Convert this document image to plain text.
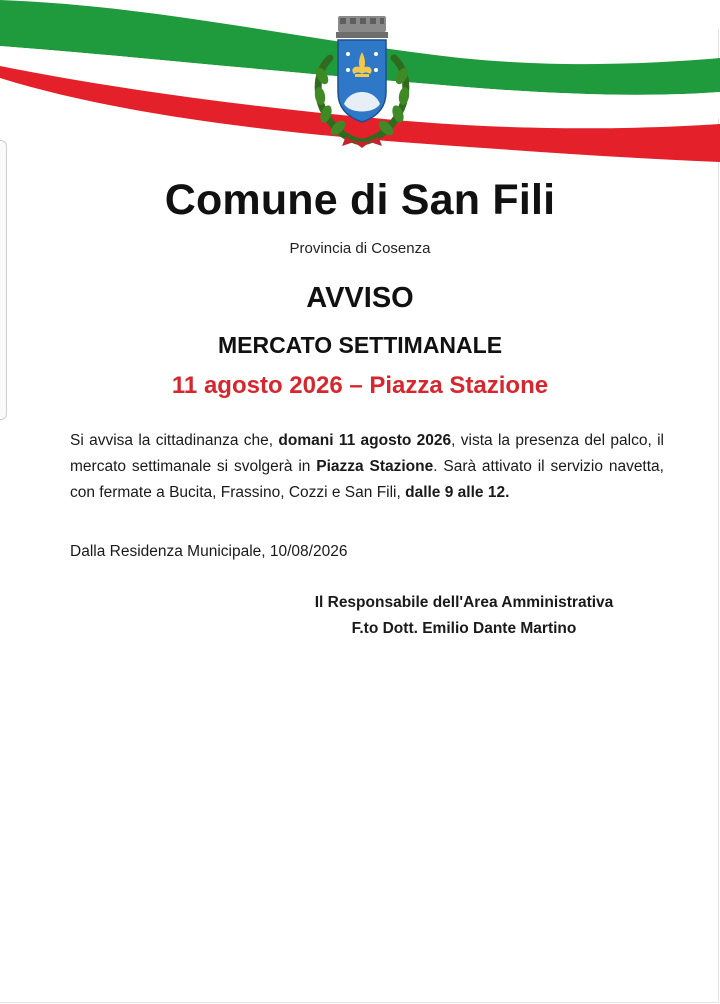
Comune di San Fili
Provincia di Cosenza
AVVISO
MERCATO SETTIMANALE
11 agosto 2026 – Piazza Stazione
Si avvisa la cittadinanza che, domani 11 agosto 2026, vista la presenza del palco, il mercato settimanale si svolgerà in Piazza Stazione. Sarà attivato il servizio navetta, con fermate a Bucita, Frassino, Cozzi e San Fili, dalle 9 alle 12.
Dalla Residenza Municipale, 10/08/2026
Il Responsabile dell'Area Amministrativa
F.to Dott. Emilio Dante Martino
